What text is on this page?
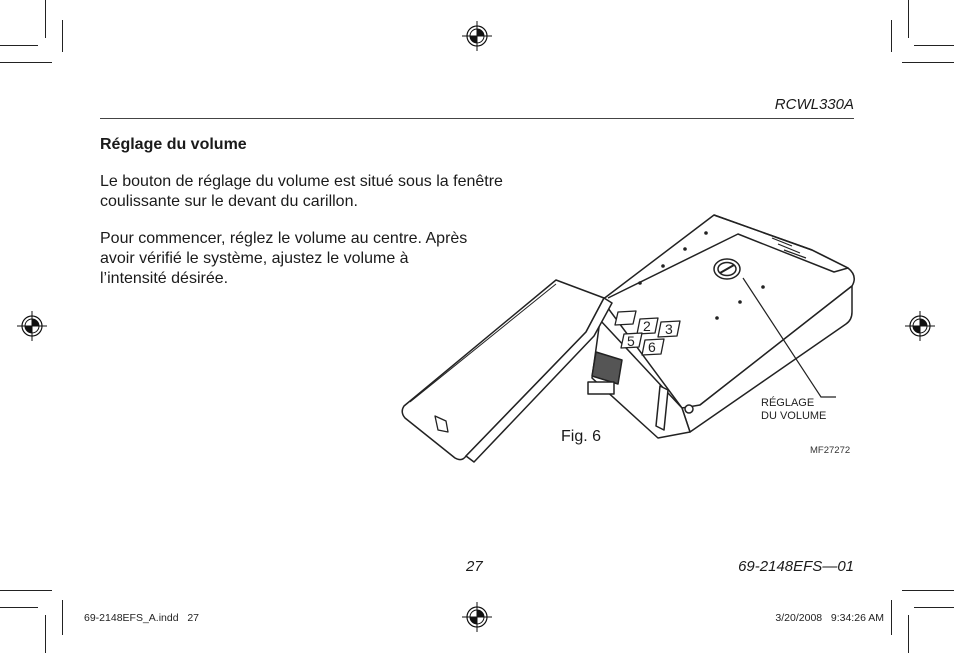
2 3
5 6
RCWL330A
Réglage du volume
Le bouton de réglage du volume est situé sous la fenêtre
coulissante sur le devant du carillon.
Pour commencer, réglez le volume au centre. Après
avoir vérifié le système, ajustez le volume à
l’intensité désirée.
RÉGLAGE
DU VOLUME
Fig. 6
MF27272
27	69-2148EFS—01
69-2148EFS_A.indd   27	3/20/2008   9:34:26 AM
